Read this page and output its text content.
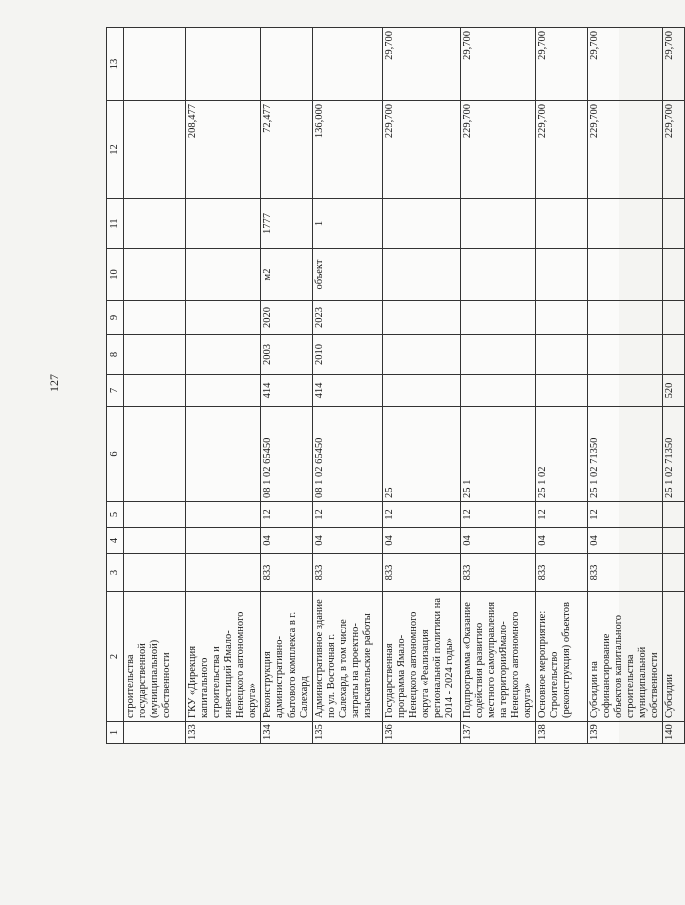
127
1	2	3	4	5	6	7	8	9	10	11	12	13
	строительства государственной (муниципальной) собственности											
133	ГКУ «Дирекция капитального строительства и инвестиций Ямало-Ненецкого автономного округа»										208,477	
134	Реконструкция административно-бытового комплекса в г. Салехард	833	04	12	08 1 02 65450	414	2003	2020	м2	1777	72,477	
135	Административное здание по ул. Восточная г. Салехард, в том числе затраты на проектно-изыскательские работы	833	04	12	08 1 02 65450	414	2010	2023	объект	1	136,000	
136	Государственная программа Ямало-Ненецкого автономного округа «Реализация региональной политики на 2014 - 2024 годы»	833	04	12	25						229,700	29,700
137	Подпрограмма «Оказание содействия развитию местного самоуправления на территорииЯмало-Ненецкого автономного округа»	833	04	12	25 1						229,700	29,700
138	Основное мероприятие: Строительство (реконструкция) объектов	833	04	12	25 1 02						229,700	29,700
139	Субсидии на софинансирование объектов капитального строительства муниципальной собственности	833	04	12	25 1 02 71350						229,700	29,700
140	Субсидии				25 1 02 71350	520					229,700	29,700
